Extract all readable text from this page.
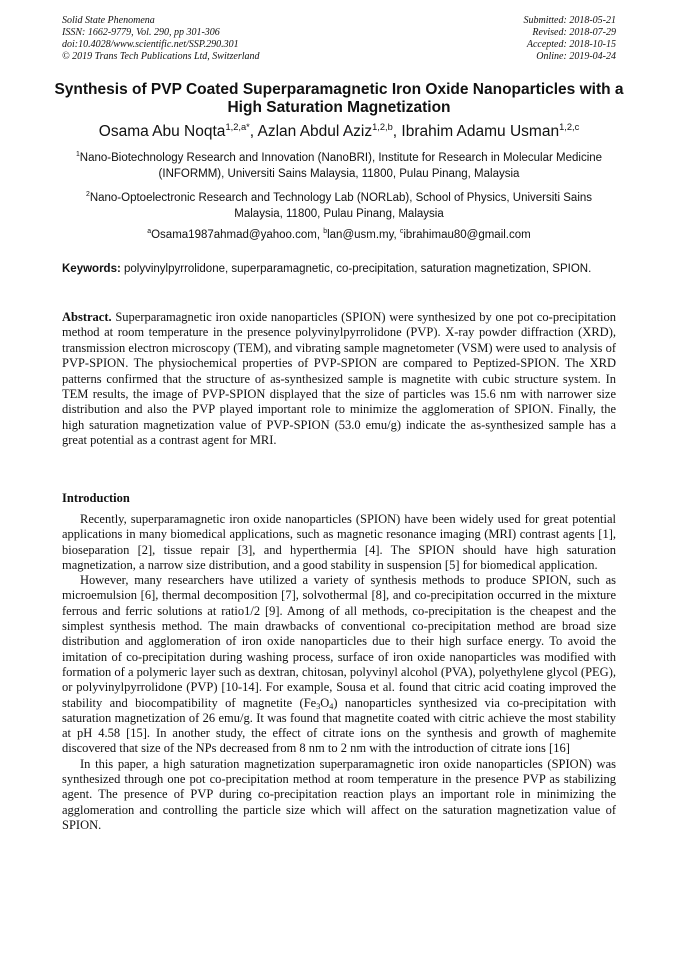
Solid State Phenomena
ISSN: 1662-9779, Vol. 290, pp 301-306
doi:10.4028/www.scientific.net/SSP.290.301
© 2019 Trans Tech Publications Ltd, Switzerland
Submitted: 2018-05-21
Revised: 2018-07-29
Accepted: 2018-10-15
Online: 2019-04-24
Synthesis of PVP Coated Superparamagnetic Iron Oxide Nanoparticles with a High Saturation Magnetization
Osama Abu Noqta$^{1,2,a*}$, Azlan Abdul Aziz$^{1,2,b}$, Ibrahim Adamu Usman$^{1,2,c}$
$^1$Nano-Biotechnology Research and Innovation (NanoBRI), Institute for Research in Molecular Medicine (INFORMM), Universiti Sains Malaysia, 11800, Pulau Pinang, Malaysia
$^2$Nano-Optoelectronic Research and Technology Lab (NORLab), School of Physics, Universiti Sains Malaysia, 11800, Pulau Pinang, Malaysia
$^a$Osama1987ahmad@yahoo.com, $^b$lan@usm.my, $^c$ibrahimau80@gmail.com
Keywords: polyvinylpyrrolidone, superparamagnetic, co-precipitation, saturation magnetization, SPION.

Abstract. Superparamagnetic iron oxide nanoparticles (SPION) were synthesized by one pot co-precipitation method at room temperature in the presence polyvinylpyrrolidone (PVP). X-ray powder diffraction (XRD), transmission electron microscopy (TEM), and vibrating sample magnetometer (VSM) were used to analysis of PVP-SPION. The physiochemical properties of PVP-SPION are compared to Peptized-SPION. The XRD patterns confirmed that the structure of as-synthesized sample is magnetite with cubic structure system. In TEM results, the image of PVP-SPION displayed that the size of particles was 15.6 nm with narrower size distribution and also the PVP played important role to minimize the agglomeration of SPION. Finally, the high saturation magnetization value of PVP-SPION (53.0 emu/g) indicate the as-synthesized sample has a great potential as a contrast agent for MRI.

Introduction

Recently, superparamagnetic iron oxide nanoparticles (SPION) have been widely used for great potential applications in many biomedical applications, such as magnetic resonance imaging (MRI) contrast agents [1], bioseparation [2], tissue repair [3], and hyperthermia [4]. The SPION should have high saturation magnetization, a narrow size distribution, and a good stability in suspension [5] for biomedical application.

However, many researchers have utilized a variety of synthesis methods to produce SPION, such as microemulsion [6], thermal decomposition [7], solvothermal [8], and co-precipitation occurred in the mixture ferrous and ferric solutions at ratio1/2 [9]. Among of all methods, co-precipitation is the cheapest and the simplest synthesis method. The main drawbacks of conventional co-precipitation method are broad size distribution and agglomeration of iron oxide nanoparticles due to their high surface energy. To avoid the imitation of co-precipitation during washing process, surface of iron oxide nanoparticles was modified with formation of a polymeric layer such as dextran, chitosan, polyvinyl alcohol (PVA), polyethylene glycol (PEG), or polyvinylpyrrolidone (PVP) [10-14]. For example, Sousa et al. found that citric acid coating improved the stability and biocompatibility of magnetite $(Fe_3O_4)$ nanoparticles synthesized via co-precipitation with saturation magnetization of 26 emu/g. It was found that magnetite coated with citric achieve the most stability at pH 4.58 [15]. In another study, the effect of citrate ions on the synthesis and growth of maghemite discovered that size of the NPs decreased from 8 nm to 2 nm with the introduction of citrate ions [16]

In this paper, a high saturation magnetization superparamagnetic iron oxide nanoparticles (SPION) was synthesized through one pot co-precipitation method at room temperature in the presence PVP as stabilizing agent. The presence of PVP during co-precipitation reaction plays an important role in minimizing the agglomeration and controlling the particle size which will affect on the saturation magnetization value of SPION.
